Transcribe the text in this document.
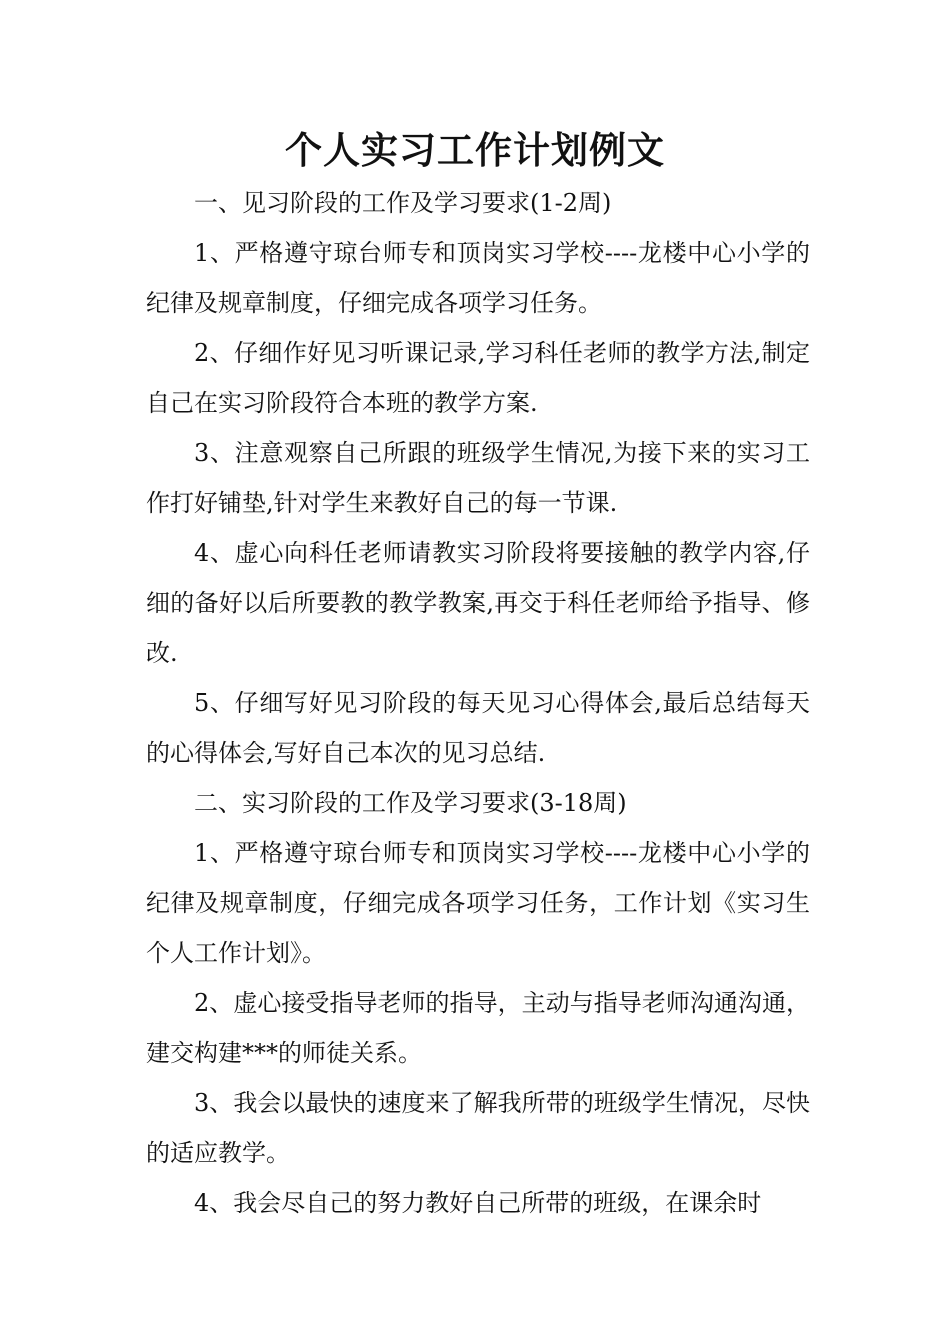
个人实习工作计划例文

一、见习阶段的工作及学习要求(1-2周)

1、严格遵守琼台师专和顶岗实习学校----龙楼中心小学的纪律及规章制度，仔细完成各项学习任务。

2、仔细作好见习听课记录,学习科任老师的教学方法,制定自己在实习阶段符合本班的教学方案.

3、注意观察自己所跟的班级学生情况,为接下来的实习工作打好铺垫,针对学生来教好自己的每一节课.

4、虚心向科任老师请教实习阶段将要接触的教学内容,仔细的备好以后所要教的教学教案,再交于科任老师给予指导、修改.

5、仔细写好见习阶段的每天见习心得体会,最后总结每天的心得体会,写好自己本次的见习总结.

二、实习阶段的工作及学习要求(3-18周)

1、严格遵守琼台师专和顶岗实习学校----龙楼中心小学的纪律及规章制度，仔细完成各项学习任务，工作计划《实习生个人工作计划》。

2、虚心接受指导老师的指导，主动与指导老师沟通沟通，建交构建***的师徒关系。

3、我会以最快的速度来了解我所带的班级学生情况，尽快的适应教学。

4、我会尽自己的努力教好自己所带的班级，在课余时
